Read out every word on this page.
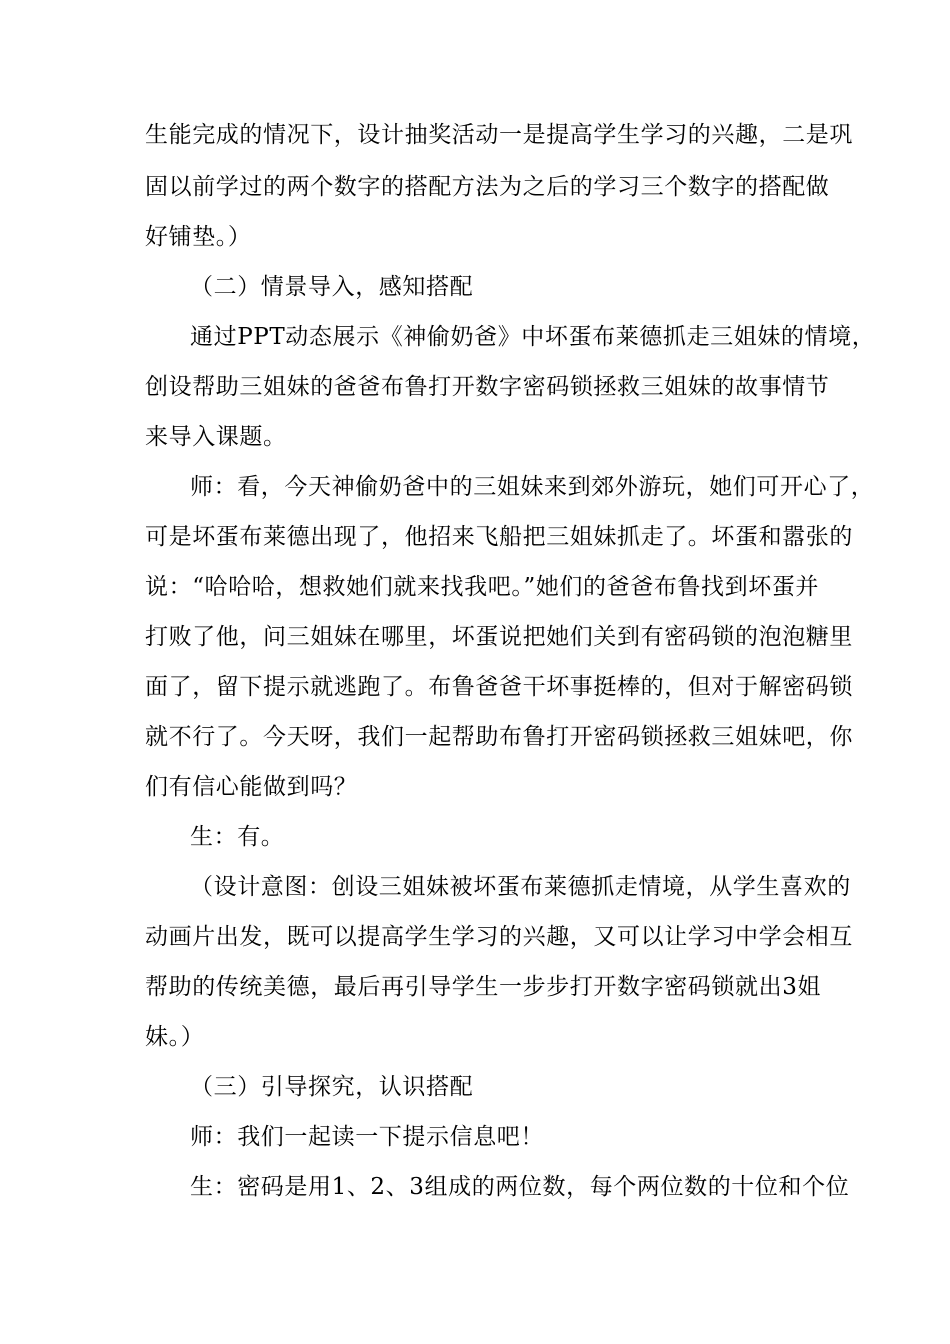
生能完成的情况下，设计抽奖活动一是提高学生学习的兴趣，二是巩
固以前学过的两个数字的搭配方法为之后的学习三个数字的搭配做
好铺垫。）
（二）情景导入，感知搭配
通过PPT动态展示《神偷奶爸》中坏蛋布莱德抓走三姐妹的情境，
创设帮助三姐妹的爸爸布鲁打开数字密码锁拯救三姐妹的故事情节
来导入课题。
师：看，今天神偷奶爸中的三姐妹来到郊外游玩，她们可开心了，
可是坏蛋布莱德出现了，他招来飞船把三姐妹抓走了。坏蛋和嚣张的
说：“哈哈哈，想救她们就来找我吧。”她们的爸爸布鲁找到坏蛋并
打败了他，问三姐妹在哪里，坏蛋说把她们关到有密码锁的泡泡糖里
面了，留下提示就逃跑了。布鲁爸爸干坏事挺棒的，但对于解密码锁
就不行了。今天呀，我们一起帮助布鲁打开密码锁拯救三姐妹吧，你
们有信心能做到吗？
生：有。
（设计意图：创设三姐妹被坏蛋布莱德抓走情境，从学生喜欢的
动画片出发，既可以提高学生学习的兴趣，又可以让学习中学会相互
帮助的传统美德，最后再引导学生一步步打开数字密码锁就出3姐
妹。）
（三）引导探究，认识搭配
师：我们一起读一下提示信息吧！
生：密码是用1、2、3组成的两位数，每个两位数的十位和个位
